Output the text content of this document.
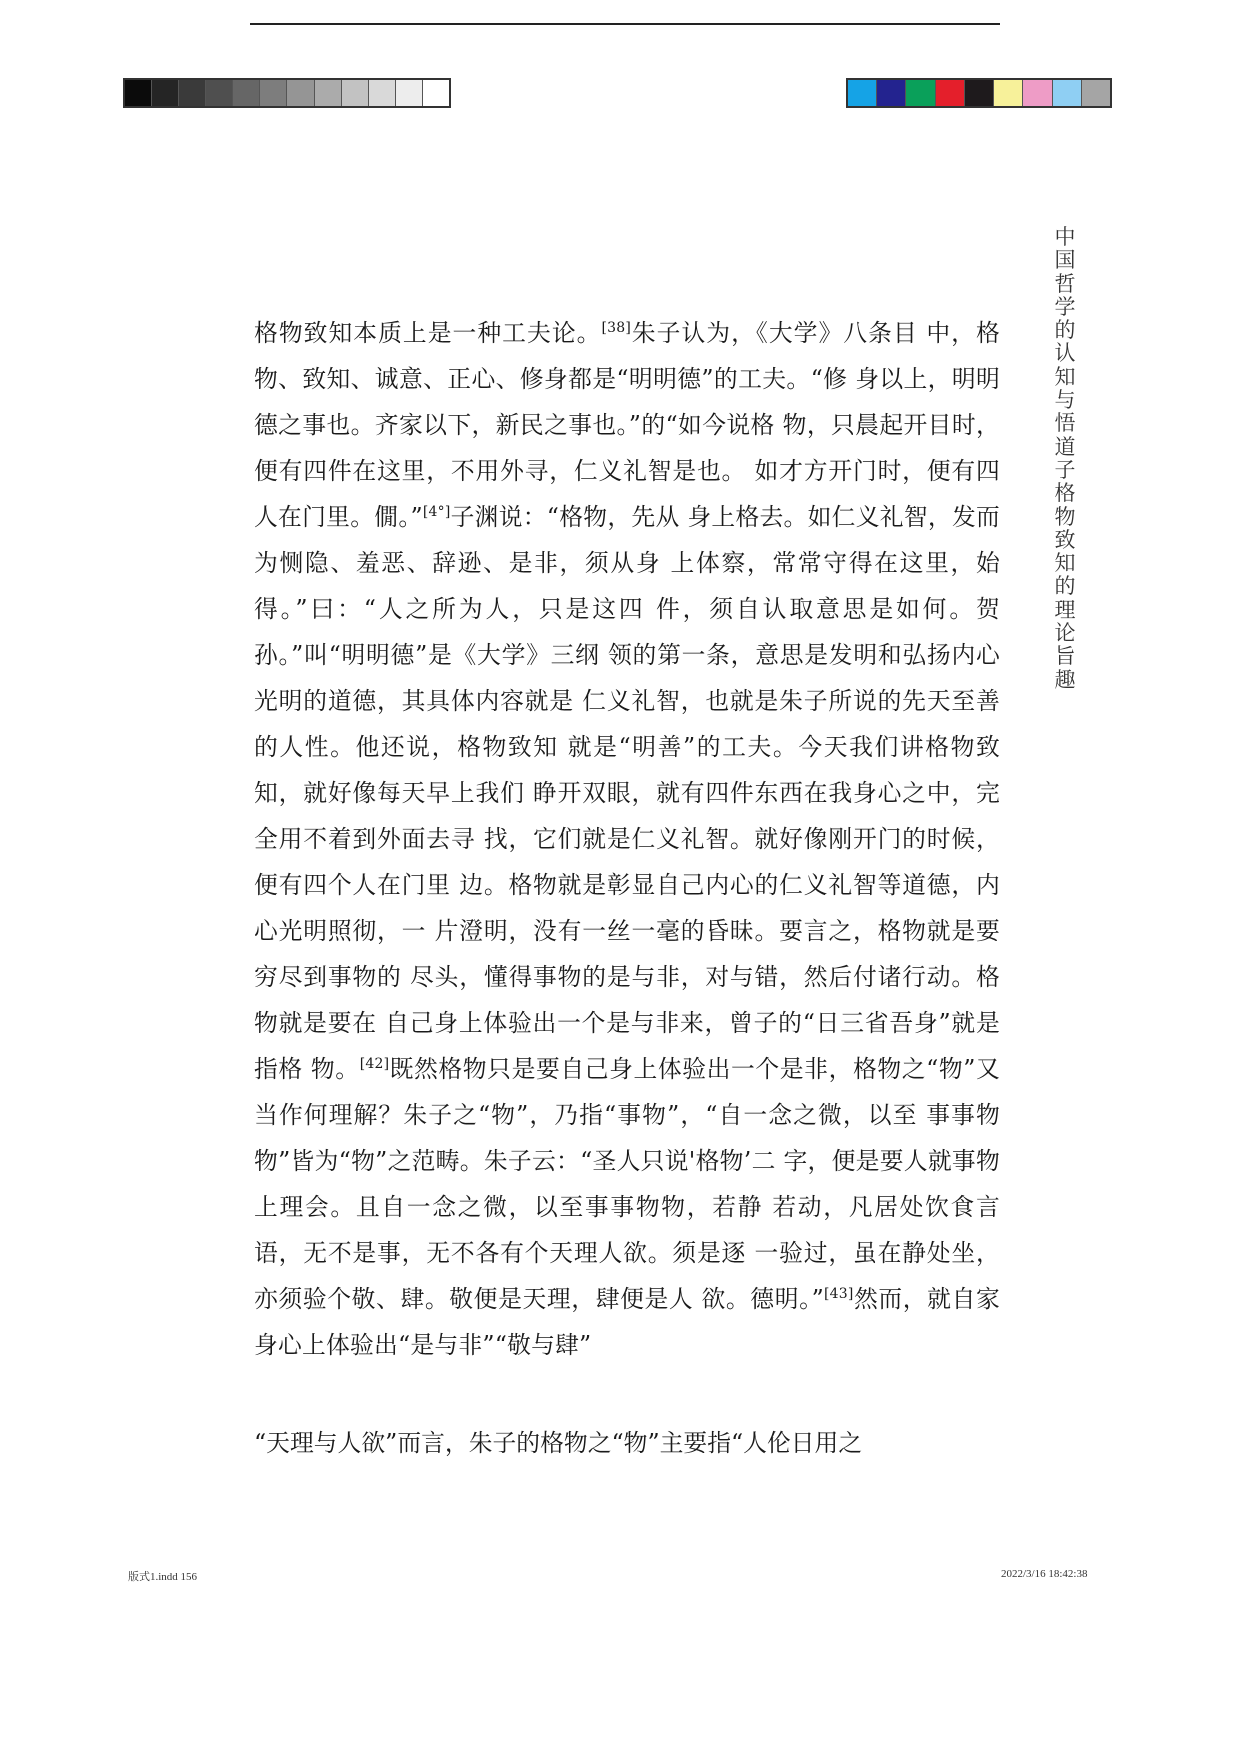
中国哲学的认知与悟道子格物致知的理论旨趣

格物致知本质上是一种工夫论。[38]朱子认为，《大学》八条目 中，格物、致知、诚意、正心、修身都是“明明德”的工夫。“修 身以上，明明德之事也。齐家以下，新民之事也。”的“如今说格 物，只晨起开目时，便有四件在这里，不用外寻，仁义礼智是也。 如才方开门时，便有四人在门里。僩。”[4°]子渊说：“格物，先从 身上格去。如仁义礼智，发而为恻隐、羞恶、辞逊、是非，须从身 上体察，常常守得在这里，始得。”曰：“人之所为人，只是这四 件，须自认取意思是如何。贺孙。”叫“明明德”是《大学》三纲 领的第一条，意思是发明和弘扬内心光明的道德，其具体内容就是 仁义礼智，也就是朱子所说的先天至善的人性。他还说，格物致知 就是“明善”的工夫。今天我们讲格物致知，就好像每天早上我们 睁开双眼，就有四件东西在我身心之中，完全用不着到外面去寻 找，它们就是仁义礼智。就好像刚开门的时候，便有四个人在门里 边。格物就是彰显自己内心的仁义礼智等道德，内心光明照彻，一 片澄明，没有一丝一毫的昏昧。要言之，格物就是要穷尽到事物的 尽头，懂得事物的是与非，对与错，然后付诸行动。格物就是要在 自己身上体验出一个是与非来，曾子的“日三省吾身”就是指格 物。[42]既然格物只是要自己身上体验出一个是非，格物之“物”又 当作何理解？朱子之“物”，乃指“事物”，“自一念之微，以至 事事物物”皆为“物”之范畴。朱子云：“圣人只说'格物’二 字，便是要人就事物上理会。且自一念之微，以至事事物物，若静 若动，凡居处饮食言语，无不是事，无不各有个天理人欲。须是逐 一验过，虽在静处坐，亦须验个敬、肆。敬便是天理，肆便是人 欲。德明。”[43]然而，就自家身心上体验出“是与非”“敬与肆”

“天理与人欲”而言，朱子的格物之“物”主要指“人伦日用之

版式1.indd 156	2022/3/16 18:42:38
